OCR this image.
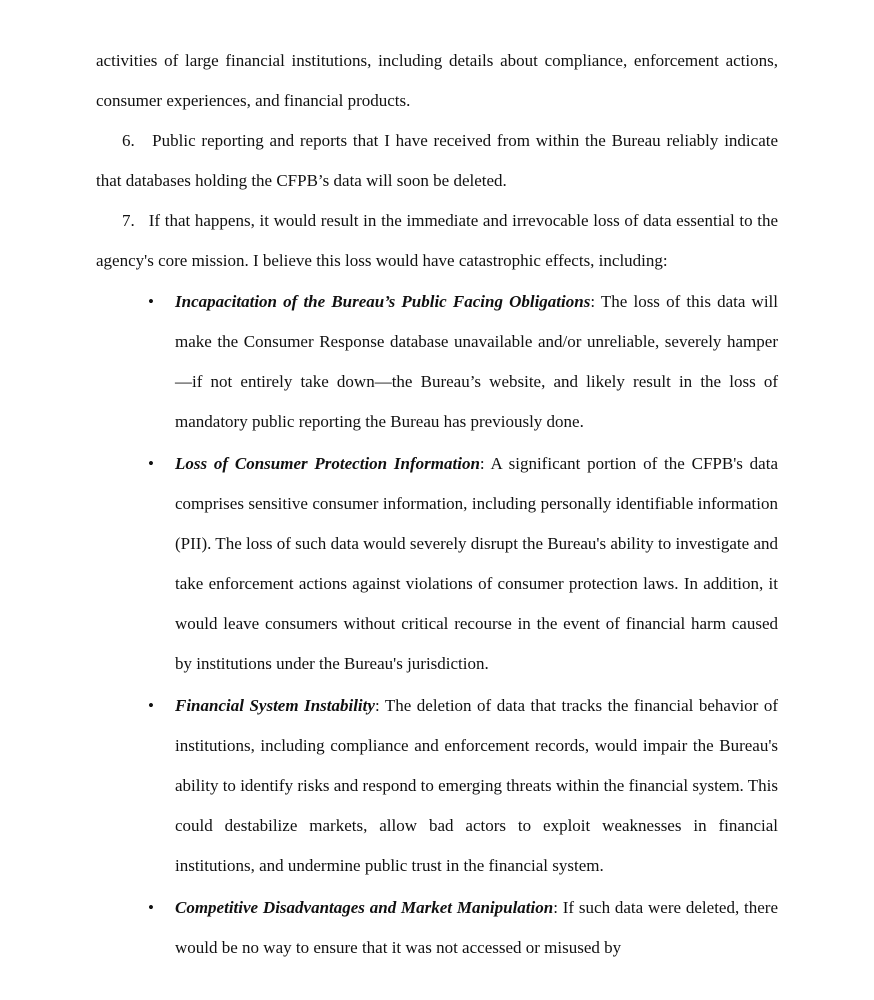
activities of large financial institutions, including details about compliance, enforcement actions, consumer experiences, and financial products.

6. Public reporting and reports that I have received from within the Bureau reliably indicate that databases holding the CFPB’s data will soon be deleted.

7. If that happens, it would result in the immediate and irrevocable loss of data essential to the agency's core mission. I believe this loss would have catastrophic effects, including:

• Incapacitation of the Bureau’s Public Facing Obligations: The loss of this data will make the Consumer Response database unavailable and/or unreliable, severely hamper—if not entirely take down—the Bureau’s website, and likely result in the loss of mandatory public reporting the Bureau has previously done.
• Loss of Consumer Protection Information: A significant portion of the CFPB's data comprises sensitive consumer information, including personally identifiable information (PII). The loss of such data would severely disrupt the Bureau's ability to investigate and take enforcement actions against violations of consumer protection laws. In addition, it would leave consumers without critical recourse in the event of financial harm caused by institutions under the Bureau's jurisdiction.
• Financial System Instability: The deletion of data that tracks the financial behavior of institutions, including compliance and enforcement records, would impair the Bureau's ability to identify risks and respond to emerging threats within the financial system. This could destabilize markets, allow bad actors to exploit weaknesses in financial institutions, and undermine public trust in the financial system.
• Competitive Disadvantages and Market Manipulation: If such data were deleted, there would be no way to ensure that it was not accessed or misused by
